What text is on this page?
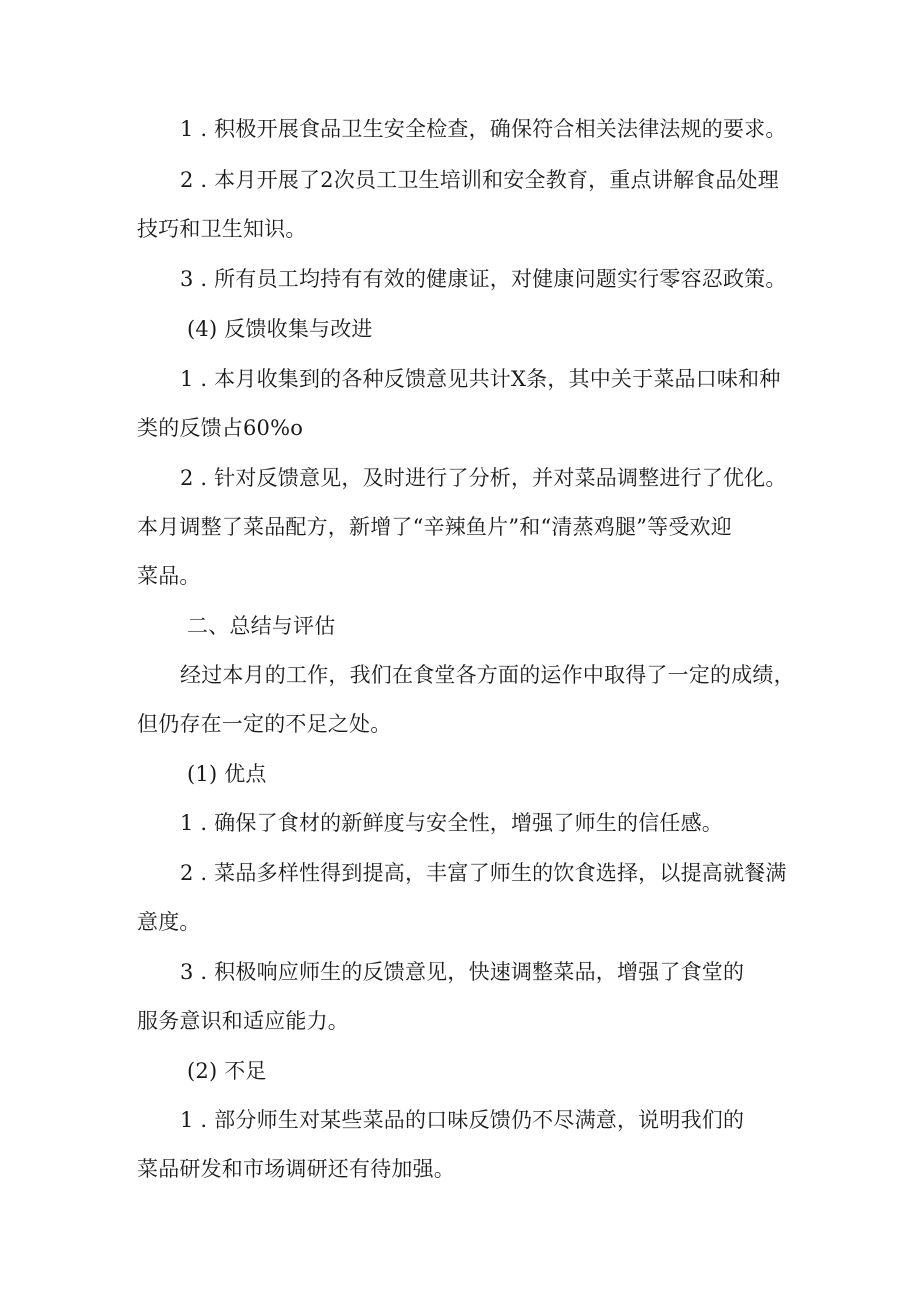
1 . 积极开展食品卫生安全检查，确保符合相关法律法规的要求。
2 . 本月开展了2次员工卫生培训和安全教育，重点讲解食品处理
技巧和卫生知识。
3 . 所有员工均持有有效的健康证，对健康问题实行零容忍政策。
(4) 反馈收集与改进
1 . 本月收集到的各种反馈意见共计X条，其中关于菜品口味和种
类的反馈占60%o
2 . 针对反馈意见，及时进行了分析，并对菜品调整进行了优化。
本月调整了菜品配方，新增了“辛辣鱼片”和“清蒸鸡腿”等受欢迎
菜品。
二、总结与评估
经过本月的工作，我们在食堂各方面的运作中取得了一定的成绩，
但仍存在一定的不足之处。
(1) 优点
1 . 确保了食材的新鲜度与安全性，增强了师生的信任感。
2 . 菜品多样性得到提高，丰富了师生的饮食选择，以提高就餐满
意度。
3 . 积极响应师生的反馈意见，快速调整菜品，增强了食堂的
服务意识和适应能力。
(2) 不足
1 . 部分师生对某些菜品的口味反馈仍不尽满意，说明我们的
菜品研发和市场调研还有待加强。
